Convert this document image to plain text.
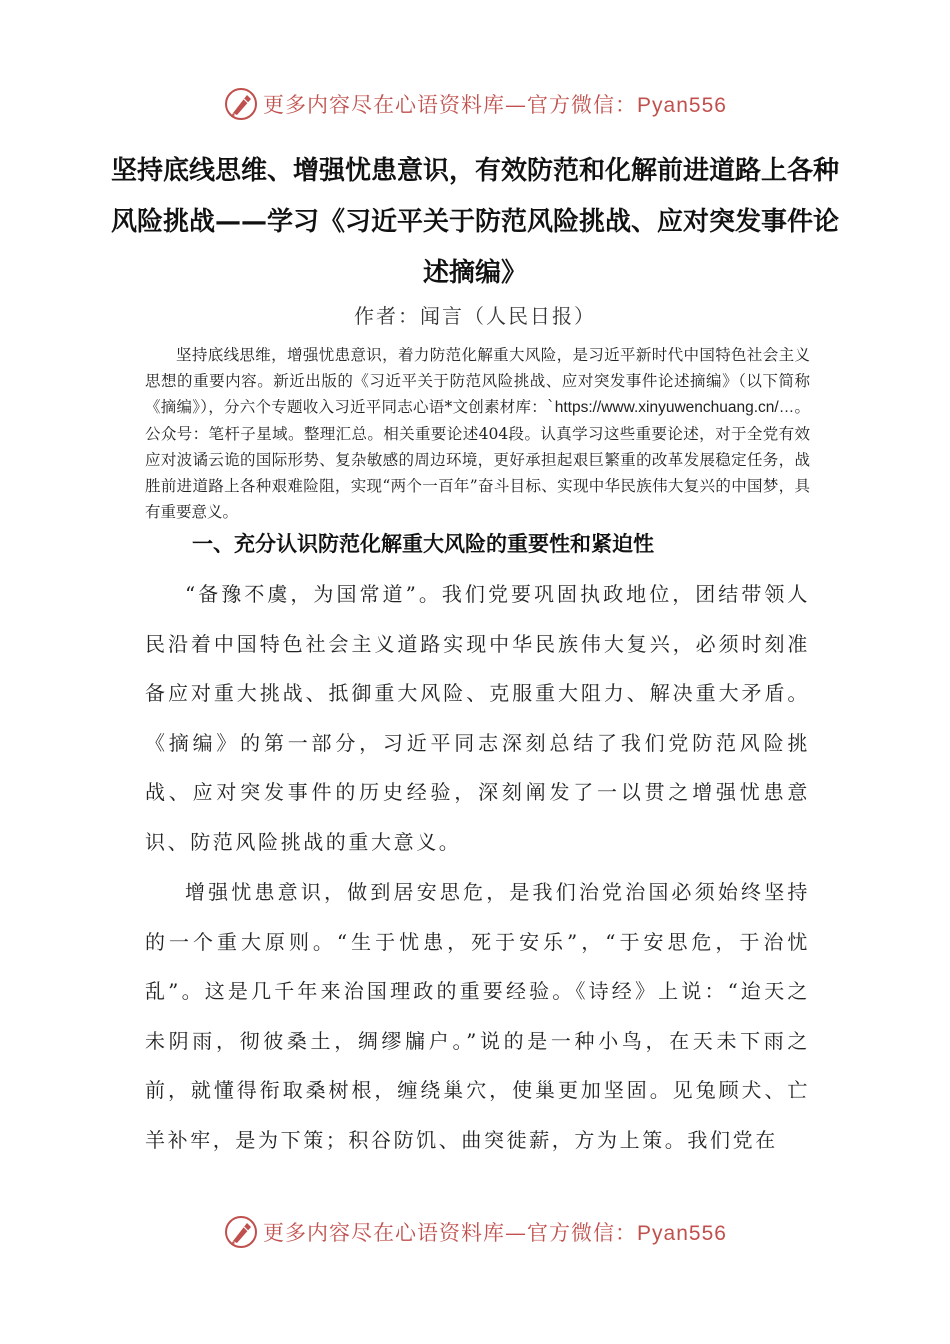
更多内容尽在心语资料库—官方微信：Pyan556
坚持底线思维、增强忧患意识，有效防范和化解前进道路上各种风险挑战——学习《习近平关于防范风险挑战、应对突发事件论述摘编》
作者：闻言（人民日报）
坚持底线思维，增强忧患意识，着力防范化解重大风险，是习近平新时代中国特色社会主义思想的重要内容。新近出版的《习近平关于防范风险挑战、应对突发事件论述摘编》（以下简称《摘编》），分六个专题收入习近平同志心语*文创素材库：`https://www.xinyuwenchuang.cn/…。公众号：笔杆子星域。整理汇总。相关重要论述404段。认真学习这些重要论述，对于全党有效应对波谲云诡的国际形势、复杂敏感的周边环境，更好承担起艰巨繁重的改革发展稳定任务，战胜前进道路上各种艰难险阻，实现“两个一百年”奋斗目标、实现中华民族伟大复兴的中国梦，具有重要意义。
一、充分认识防范化解重大风险的重要性和紧迫性

“备豫不虞，为国常道”。我们党要巩固执政地位，团结带领人民沿着中国特色社会主义道路实现中华民族伟大复兴，必须时刻准备应对重大挑战、抵御重大风险、克服重大阻力、解决重大矛盾。《摘编》的第一部分，习近平同志深刻总结了我们党防范风险挑战、应对突发事件的历史经验，深刻阐发了一以贯之增强忧患意识、防范风险挑战的重大意义。

增强忧患意识，做到居安思危，是我们治党治国必须始终坚持的一个重大原则。“生于忧患，死于安乐”，“于安思危，于治忧乱”。这是几千年来治国理政的重要经验。《诗经》上说：“迨天之未阴雨，彻彼桑土，绸缪牖户。”说的是一种小鸟，在天未下雨之前，就懂得衔取桑树根，缠绕巢穴，使巢更加坚固。见兔顾犬、亡羊补牢，是为下策；积谷防饥、曲突徙薪，方为上策。我们党在

更多内容尽在心语资料库—官方微信：Pyan556
